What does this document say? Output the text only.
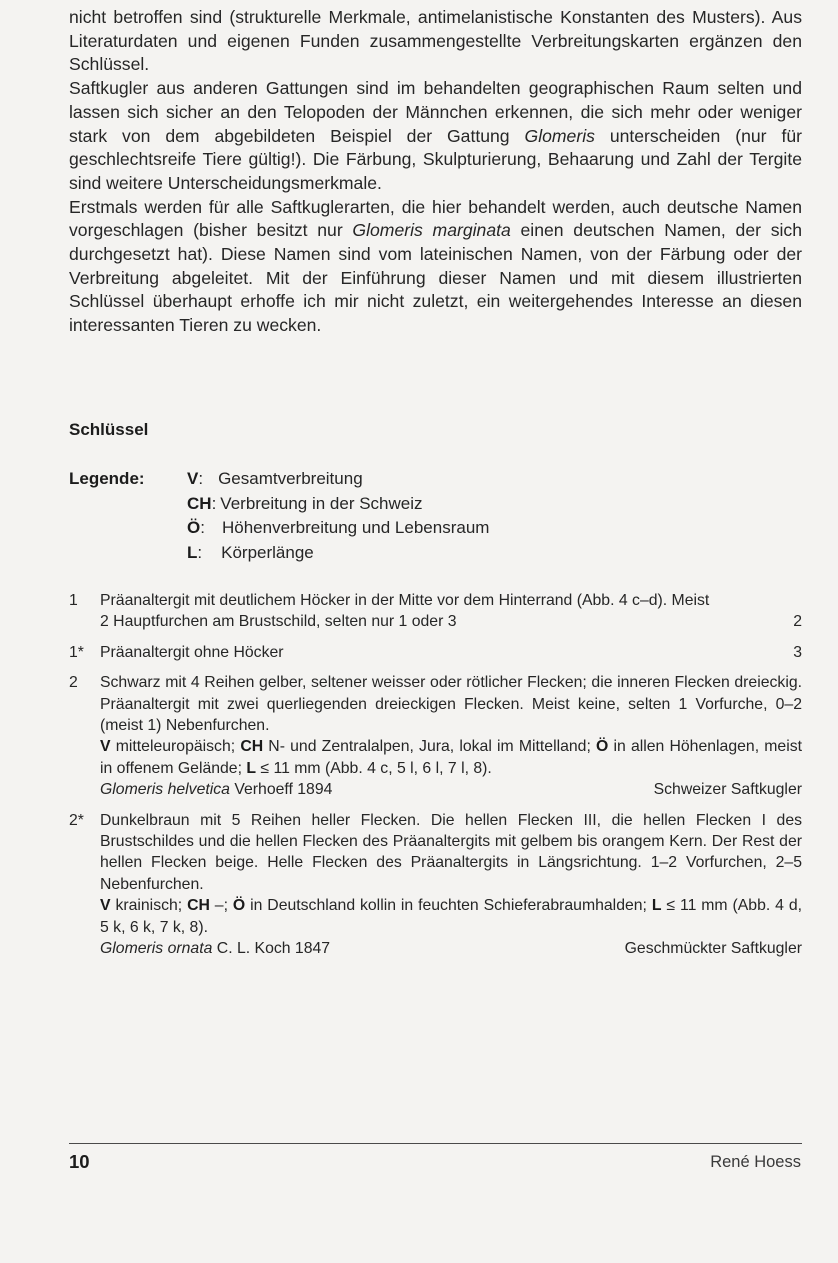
nicht betroffen sind (strukturelle Merkmale, antimelanistische Konstanten des Musters). Aus Literaturdaten und eigenen Funden zusammengestellte Verbreitungskarten ergänzen den Schlüssel.

Saftkugler aus anderen Gattungen sind im behandelten geographischen Raum selten und lassen sich sicher an den Telopoden der Männchen erkennen, die sich mehr oder weniger stark von dem abgebildeten Beispiel der Gattung Glomeris unterscheiden (nur für geschlechtsreife Tiere gültig!). Die Färbung, Skulpturierung, Behaarung und Zahl der Tergite sind weitere Unterscheidungsmerkmale.

Erstmals werden für alle Saftkuglerarten, die hier behandelt werden, auch deutsche Namen vorgeschlagen (bisher besitzt nur Glomeris marginata einen deutschen Namen, der sich durchgesetzt hat). Diese Namen sind vom lateinischen Namen, von der Färbung oder der Verbreitung abgeleitet. Mit der Einführung dieser Namen und mit diesem illustrierten Schlüssel überhaupt erhoffe ich mir nicht zuletzt, ein weitergehendes Interesse an diesen interessanten Tieren zu wecken.

Schlüssel
Legende: V : Gesamtverbreitung
CH : Verbreitung in der Schweiz
Ö : Höhenverbreitung und Lebensraum
L : Körperlänge
1 Präanaltergit mit deutlichem Höcker in der Mitte vor dem Hinterrand (Abb. 4 c–d). Meist

2 Hauptfurchen am Brustschild, selten nur 1 oder 3	2
1* Präanaltergit ohne Höcker	3
2 Schwarz mit 4 Reihen gelber, seltener weisser oder rötlicher Flecken; die inneren Flecken dreieckig. Präanaltergit mit zwei querliegenden dreieckigen Flecken. Meist keine, selten 1 Vorfurche, 0–2 (meist 1) Nebenfurchen.

V mitteleuropäisch; CH N- und Zentralalpen, Jura, lokal im Mittelland; Ö in allen Höhenlagen, meist in offenem Gelände; L ≤ 11 mm (Abb. 4 c, 5 l, 6 l, 7 l, 8).

Glomeris helvetica Verhoeff 1894	Schweizer Saftkugler
2* Dunkelbraun mit 5 Reihen heller Flecken. Die hellen Flecken III, die hellen Flecken I des Brustschildes und die hellen Flecken des Präanaltergits mit gelbem bis orangem Kern. Der Rest der hellen Flecken beige. Helle Flecken des Präanaltergits in Längsrichtung. 1–2 Vorfurchen, 2–5 Nebenfurchen.

V krainisch; CH –; Ö in Deutschland kollin in feuchten Schieferabraumhalden; L ≤ 11 mm (Abb. 4 d, 5 k, 6 k, 7 k, 8).

Glomeris ornata C. L. Koch 1847	Geschmückter Saftkugler
10	René Hoess
